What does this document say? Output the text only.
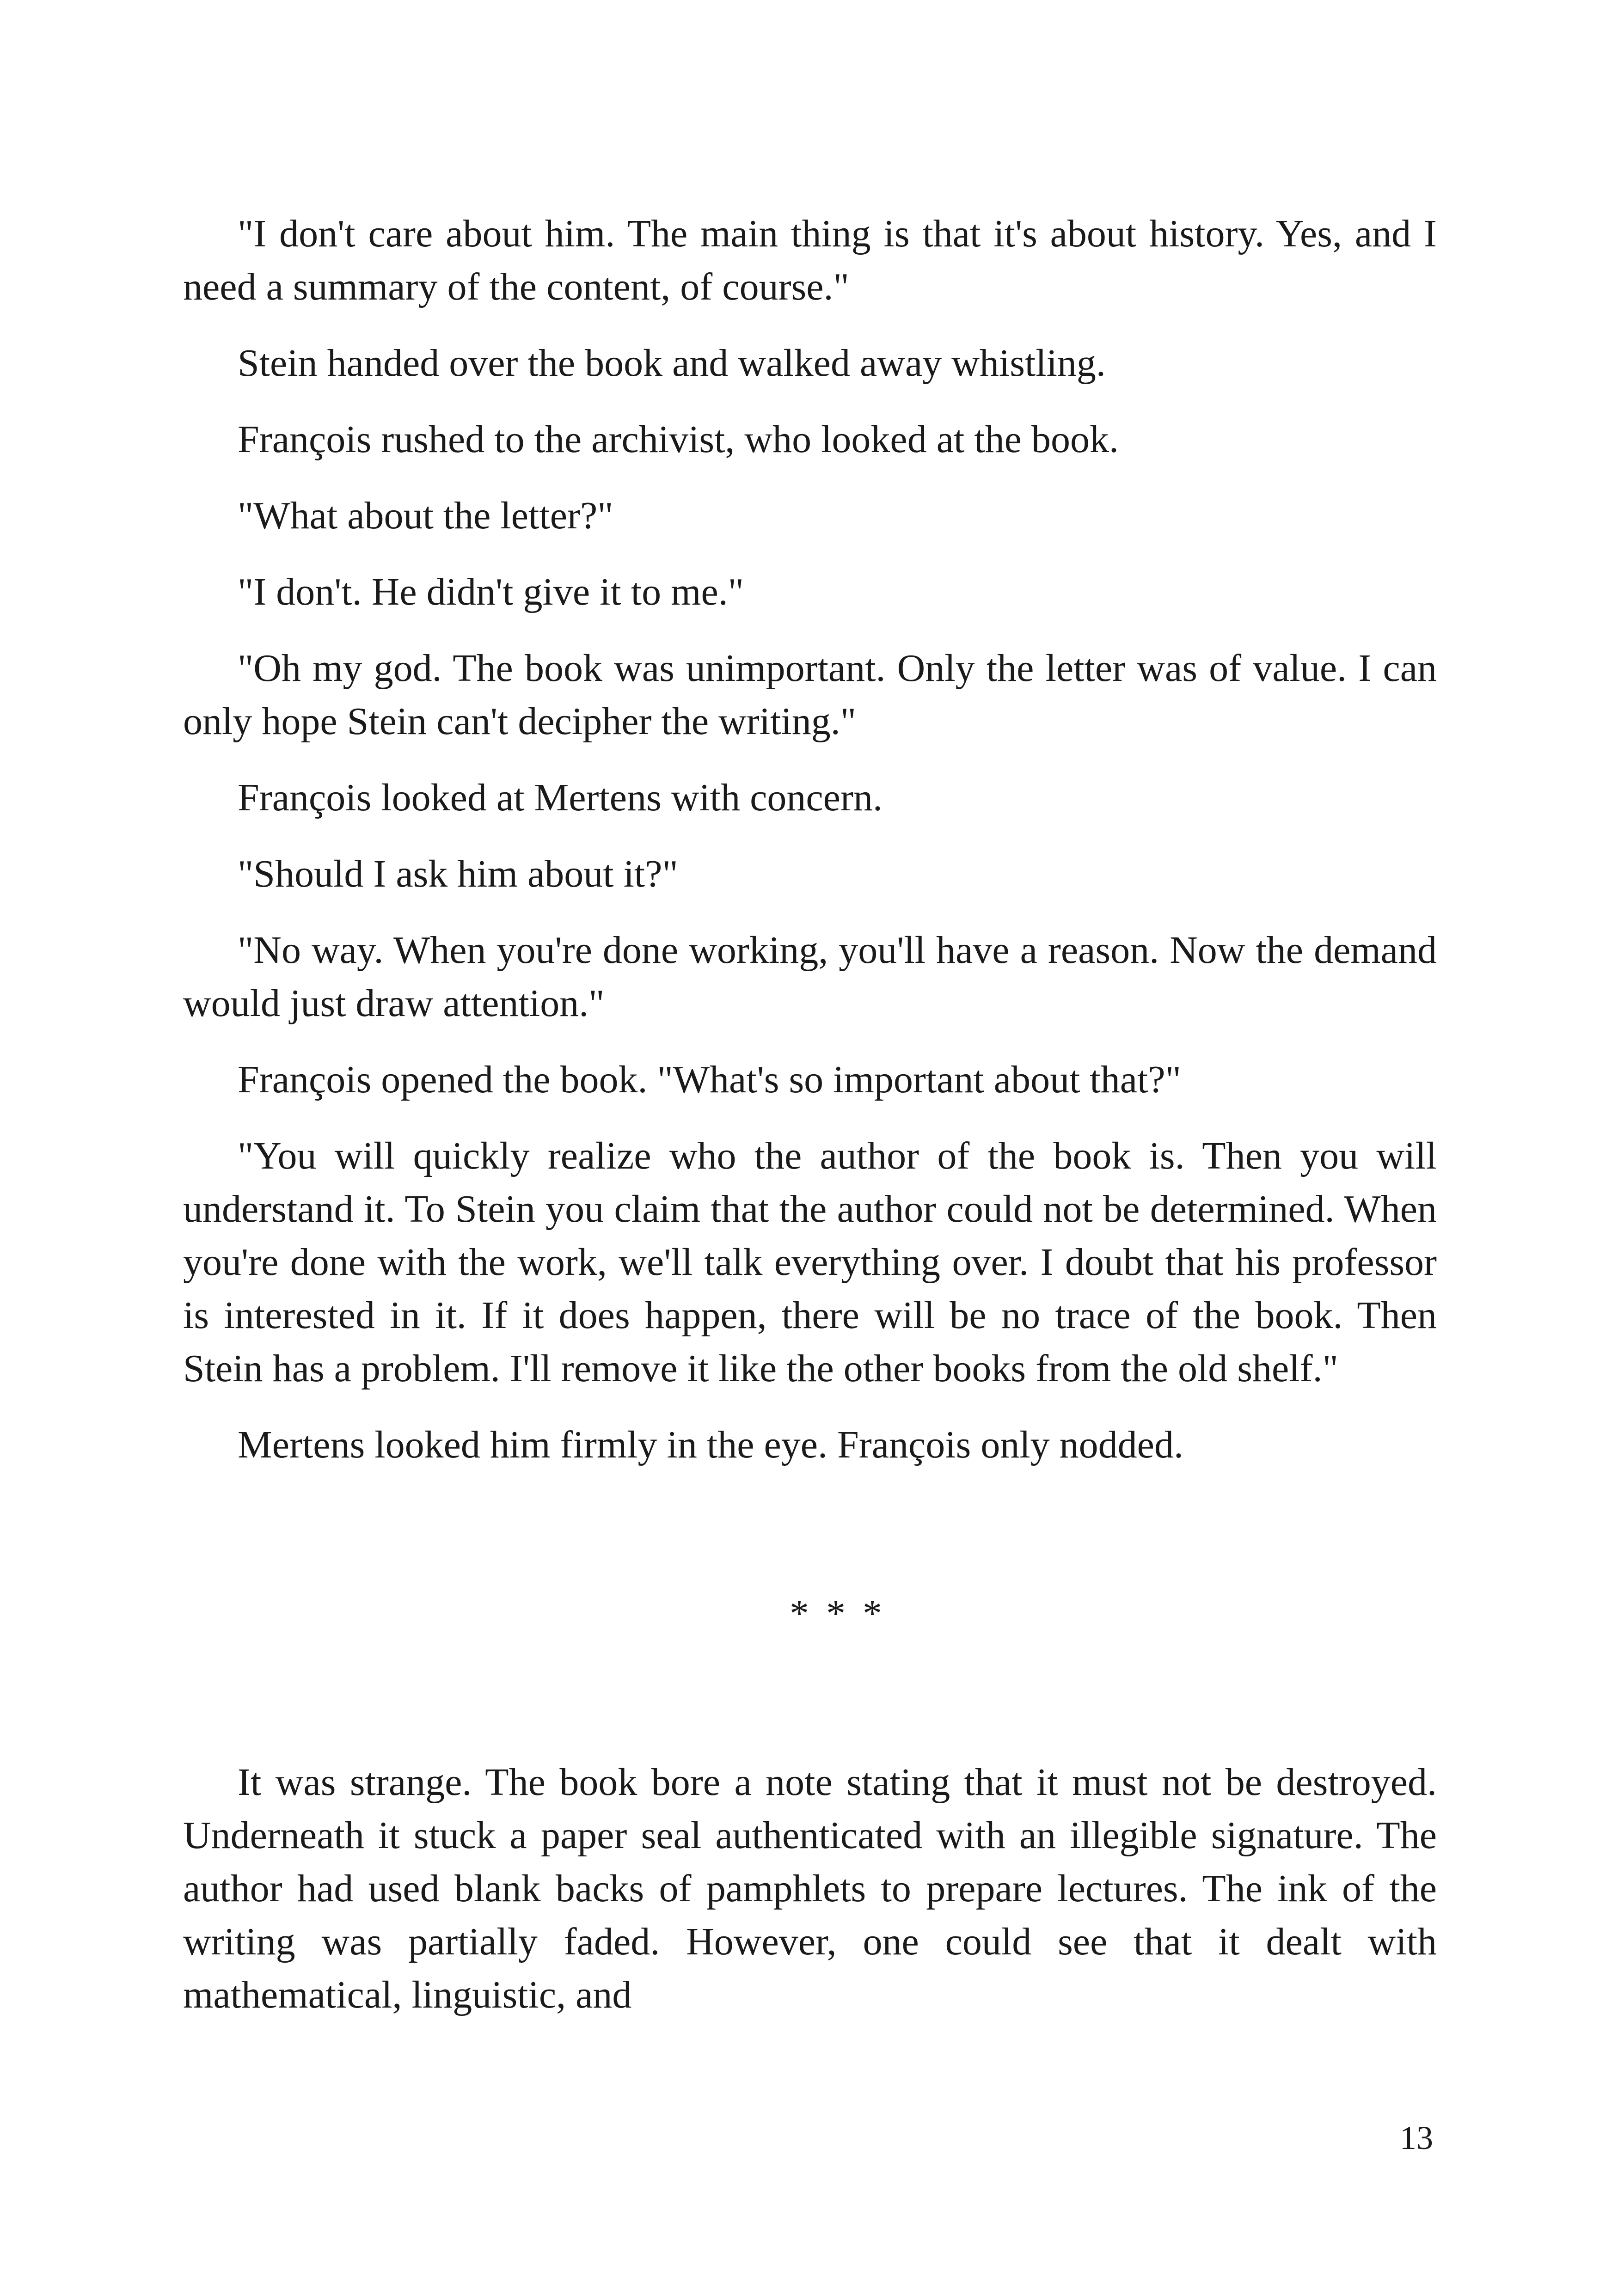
"I don't care about him. The main thing is that it's about history. Yes, and I need a summary of the content, of course."

Stein handed over the book and walked away whistling.

François rushed to the archivist, who looked at the book.

"What about the letter?"

"I don't. He didn't give it to me."

"Oh my god. The book was unimportant. Only the letter was of value. I can only hope Stein can't decipher the writing."

François looked at Mertens with concern.

"Should I ask him about it?"

"No way. When you're done working, you'll have a reason. Now the demand would just draw attention."

François opened the book. "What's so important about that?"

"You will quickly realize who the author of the book is. Then you will understand it. To Stein you claim that the author could not be determined. When you're done with the work, we'll talk everything over. I doubt that his professor is interested in it. If it does happen, there will be no trace of the book. Then Stein has a problem. I'll remove it like the other books from the old shelf."

Mertens looked him firmly in the eye. François only nodded.

* * *

It was strange. The book bore a note stating that it must not be destroyed. Underneath it stuck a paper seal authenticated with an illegible signature. The author had used blank backs of pamphlets to prepare lectures. The ink of the writing was partially faded. However, one could see that it dealt with mathematical, linguistic, and

13
